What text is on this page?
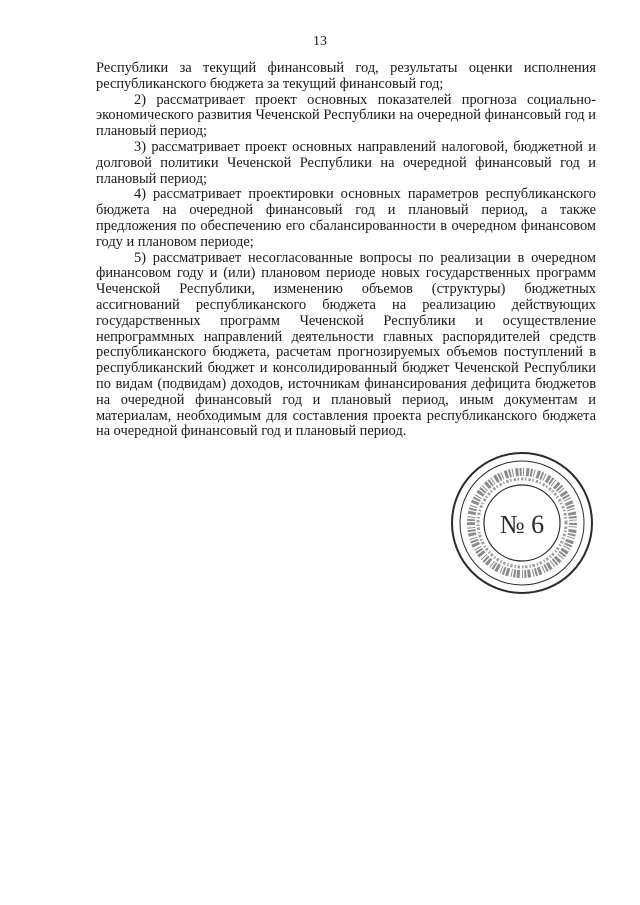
13

Республики за текущий финансовый год, результаты оценки исполнения республиканского бюджета за текущий финансовый год;

2) рассматривает проект основных показателей прогноза социально-экономического развития Чеченской Республики на очередной финансовый год и плановый период;

3) рассматривает проект основных направлений налоговой, бюджетной и долговой политики Чеченской Республики на очередной финансовый год и плановый период;

4) рассматривает проектировки основных параметров республиканского бюджета на очередной финансовый год и плановый период, а также предложения по обеспечению его сбалансированности в очередном финансовом году и плановом периоде;

5) рассматривает несогласованные вопросы по реализации в очередном финансовом году и (или) плановом периоде новых государственных программ Чеченской Республики, изменению объемов (структуры) бюджетных ассигнований республиканского бюджета на реализацию действующих государственных программ Чеченской Республики и осуществление непрограммных направлений деятельности главных распорядителей средств республиканского бюджета, расчетам прогнозируемых объемов поступлений в республиканский бюджет и консолидированный бюджет Чеченской Республики по видам (подвидам) доходов, источникам финансирования дефицита бюджетов на очередной финансовый год и плановый период, иным документам и материалам, необходимым для составления проекта республиканского бюджета на очередной финансовый год и плановый период.

№ 6
